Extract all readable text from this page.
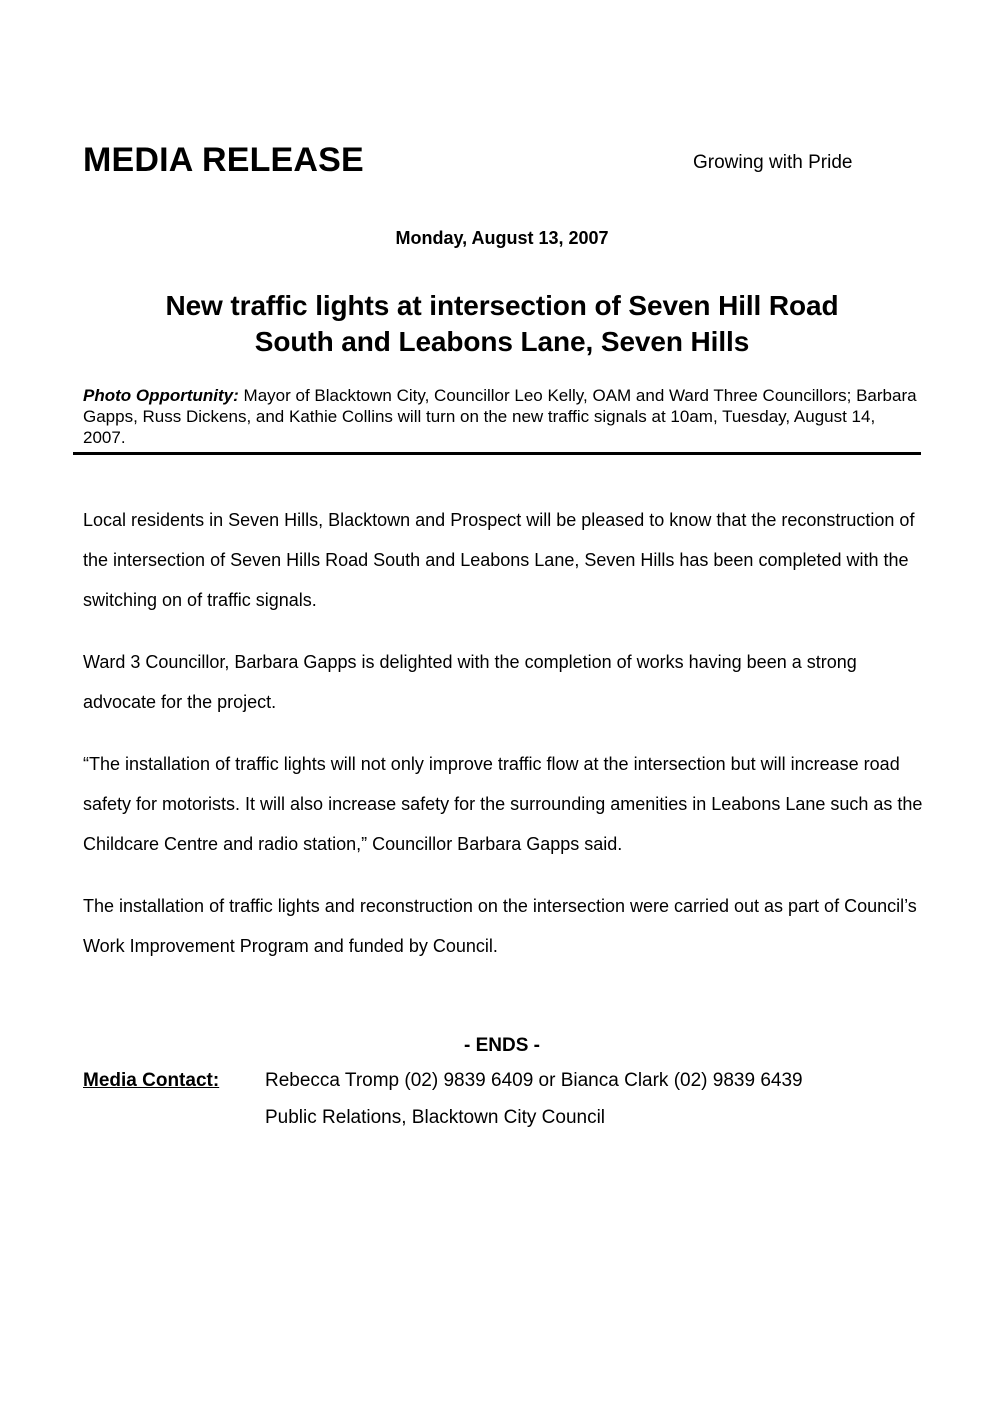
MEDIA RELEASE	Growing with Pride
Monday, August 13, 2007
New traffic lights at intersection of Seven Hill Road
South and Leabons Lane, Seven Hills
Photo Opportunity: Mayor of Blacktown City, Councillor Leo Kelly, OAM and Ward Three Councillors; Barbara Gapps, Russ Dickens, and Kathie Collins will turn on the new traffic signals at 10am, Tuesday, August 14, 2007.

Local residents in Seven Hills, Blacktown and Prospect will be pleased to know that the reconstruction of the intersection of Seven Hills Road South and Leabons Lane, Seven Hills has been completed with the switching on of traffic signals.

Ward 3 Councillor, Barbara Gapps is delighted with the completion of works having been a strong advocate for the project.

“The installation of traffic lights will not only improve traffic flow at the intersection but will increase road safety for motorists. It will also increase safety for the surrounding amenities in Leabons Lane such as the Childcare Centre and radio station,” Councillor Barbara Gapps said.

The installation of traffic lights and reconstruction on the intersection were carried out as part of Council’s Work Improvement Program and funded by Council.

- ENDS -
Media Contact: Rebecca Tromp (02) 9839 6409 or Bianca Clark (02) 9839 6439
Public Relations, Blacktown City Council
